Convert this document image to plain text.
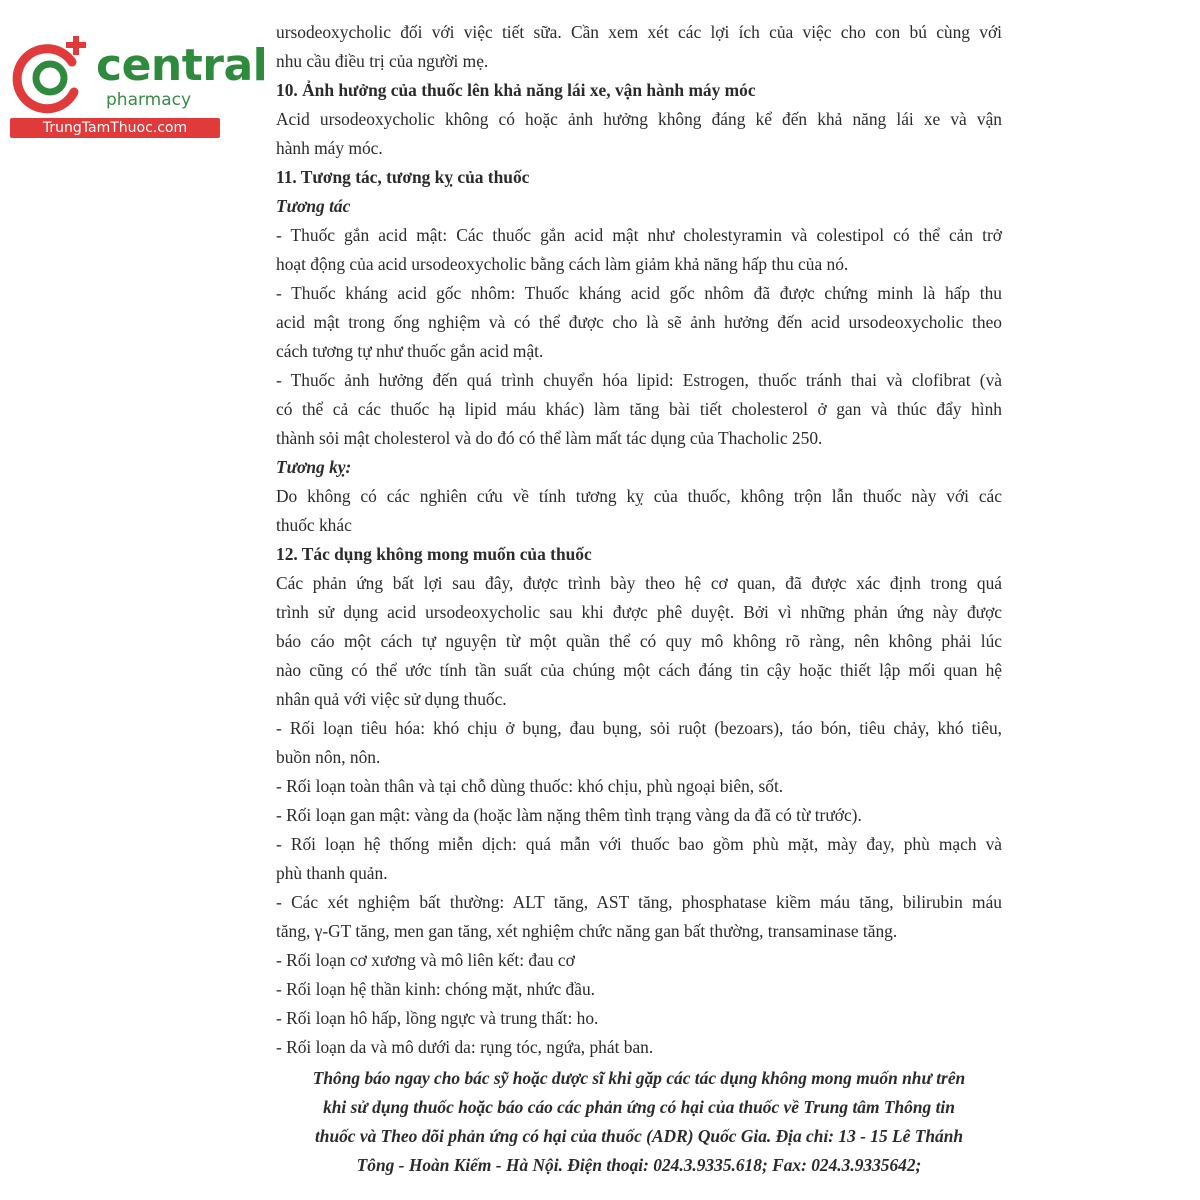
central
pharmacy
TrungTamThuoc.com
ursodeoxycholic đối với việc tiết sữa. Cần xem xét các lợi ích của việc cho con bú cùng với
nhu cầu điều trị của người mẹ.
10. Ảnh hưởng của thuốc lên khả năng lái xe, vận hành máy móc
Acid ursodeoxycholic không có hoặc ảnh hưởng không đáng kể đến khả năng lái xe và vận
hành máy móc.
11. Tương tác, tương kỵ của thuốc
Tương tác
- Thuốc gắn acid mật: Các thuốc gắn acid mật như cholestyramin và colestipol có thể cản trở
hoạt động của acid ursodeoxycholic bằng cách làm giảm khả năng hấp thu của nó.
- Thuốc kháng acid gốc nhôm: Thuốc kháng acid gốc nhôm đã được chứng minh là hấp thu
acid mật trong ống nghiệm và có thể được cho là sẽ ảnh hưởng đến acid ursodeoxycholic theo
cách tương tự như thuốc gắn acid mật.
- Thuốc ảnh hưởng đến quá trình chuyển hóa lipid: Estrogen, thuốc tránh thai và clofibrat (và
có thể cả các thuốc hạ lipid máu khác) làm tăng bài tiết cholesterol ở gan và thúc đẩy hình
thành sỏi mật cholesterol và do đó có thể làm mất tác dụng của Thacholic 250.
Tương kỵ:
Do không có các nghiên cứu về tính tương kỵ của thuốc, không trộn lẫn thuốc này với các
thuốc khác
12. Tác dụng không mong muốn của thuốc
Các phản ứng bất lợi sau đây, được trình bày theo hệ cơ quan, đã được xác định trong quá
trình sử dụng acid ursodeoxycholic sau khi được phê duyệt. Bởi vì những phản ứng này được
báo cáo một cách tự nguyện từ một quần thể có quy mô không rõ ràng, nên không phải lúc
nào cũng có thể ước tính tần suất của chúng một cách đáng tin cậy hoặc thiết lập mối quan hệ
nhân quả với việc sử dụng thuốc.
- Rối loạn tiêu hóa: khó chịu ở bụng, đau bụng, sỏi ruột (bezoars), táo bón, tiêu chảy, khó tiêu,
buồn nôn, nôn.
- Rối loạn toàn thân và tại chỗ dùng thuốc: khó chịu, phù ngoại biên, sốt.
- Rối loạn gan mật: vàng da (hoặc làm nặng thêm tình trạng vàng da đã có từ trước).
- Rối loạn hệ thống miễn dịch: quá mẫn với thuốc bao gồm phù mặt, mày đay, phù mạch và
phù thanh quản.
- Các xét nghiệm bất thường: ALT tăng, AST tăng, phosphatase kiềm máu tăng, bilirubin máu
tăng, γ-GT tăng, men gan tăng, xét nghiệm chức năng gan bất thường, transaminase tăng.
- Rối loạn cơ xương và mô liên kết: đau cơ
- Rối loạn hệ thần kinh: chóng mặt, nhức đầu.
- Rối loạn hô hấp, lồng ngực và trung thất: ho.
- Rối loạn da và mô dưới da: rụng tóc, ngứa, phát ban.
Thông báo ngay cho bác sỹ hoặc dược sĩ khi gặp các tác dụng không mong muốn như trên
khi sử dụng thuốc hoặc báo cáo các phản ứng có hại của thuốc về Trung tâm Thông tin
thuốc và Theo dõi phản ứng có hại của thuốc (ADR) Quốc Gia. Địa chỉ: 13 - 15 Lê Thánh
Tông - Hoàn Kiếm - Hà Nội. Điện thoại: 024.3.9335.618; Fax: 024.3.9335642;
